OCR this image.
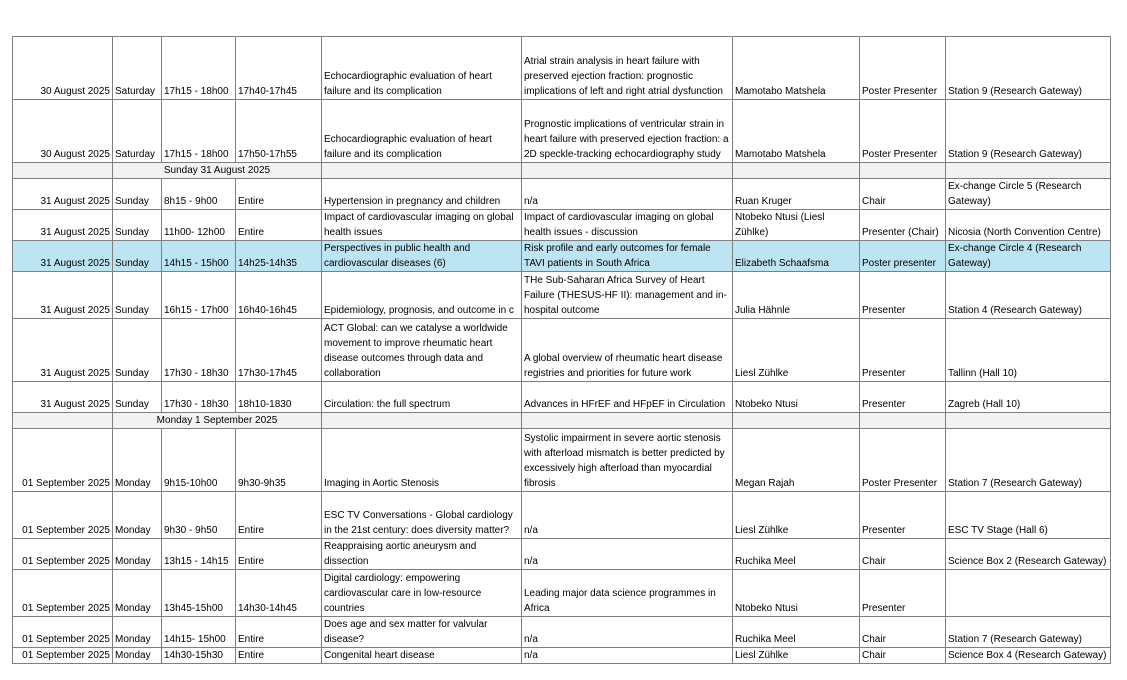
30 August 2025	Saturday	17h15 - 18h00	17h40-17h45	Echocardiographic evaluation of heart failure and its complication	Atrial strain analysis in heart failure with preserved ejection fraction: prognostic implications of left and right atrial dysfunction	Mamotabo Matshela	Poster Presenter	Station 9 (Research Gateway)
30 August 2025	Saturday	17h15 - 18h00	17h50-17h55	Echocardiographic evaluation of heart failure and its complication	Prognostic implications of ventricular strain in heart failure with preserved ejection fraction: a 2D speckle-tracking echocardiography study	Mamotabo Matshela	Poster Presenter	Station 9 (Research Gateway)
	Sunday 31 August 2025							
31 August 2025	Sunday	8h15 - 9h00	Entire	Hypertension in pregnancy and children	n/a	Ruan Kruger	Chair	Ex-change Circle 5 (Research Gateway)
31 August 2025	Sunday	11h00- 12h00	Entire	Impact of cardiovascular imaging on global health issues	Impact of cardiovascular imaging on global health issues - discussion	Ntobeko Ntusi (Liesl Zühlke)	Presenter (Chair)	Nicosia (North Convention Centre)
31 August 2025	Sunday	14h15 - 15h00	14h25-14h35	Perspectives in public health and cardiovascular diseases (6)	Risk profile and early outcomes for female TAVI patients in South Africa	Elizabeth Schaafsma	Poster presenter	Ex-change Circle 4 (Research Gateway)
31 August 2025	Sunday	16h15 - 17h00	16h40-16h45	Epidemiology, prognosis, and outcome in c	THe Sub-Saharan Africa Survey of Heart Failure (THESUS-HF II): management and in-hospital outcome	Julia Hähnle	Presenter	Station 4 (Research Gateway)
31 August 2025	Sunday	17h30 - 18h30	17h30-17h45	ACT Global: can we catalyse a worldwide movement to improve rheumatic heart disease outcomes through data and collaboration	A global overview of rheumatic heart disease registries and priorities for future work	Liesl Zühlke	Presenter	Tallinn (Hall 10)
31 August 2025	Sunday	17h30 - 18h30	18h10-1830	Circulation: the full spectrum	Advances in HFrEF and HFpEF in Circulation	Ntobeko Ntusi	Presenter	Zagreb (Hall 10)
	Monday 1 September 2025							
01 September 2025	Monday	9h15-10h00	9h30-9h35	Imaging in Aortic Stenosis	Systolic impairment in severe aortic stenosis with afterload mismatch is better predicted by excessively high afterload than myocardial fibrosis	Megan Rajah	Poster Presenter	Station 7 (Research Gateway)
01 September 2025	Monday	9h30 - 9h50	Entire	ESC TV Conversations - Global cardiology in the 21st century: does diversity matter?	n/a	Liesl Zühlke	Presenter	ESC TV Stage (Hall 6)
01 September 2025	Monday	13h15 - 14h15	Entire	Reappraising aortic aneurysm and dissection	n/a	Ruchika Meel	Chair	Science Box 2 (Research Gateway)
01 September 2025	Monday	13h45-15h00	14h30-14h45	Digital cardiology: empowering cardiovascular care in low-resource countries	Leading major data science programmes in Africa	Ntobeko Ntusi	Presenter	
01 September 2025	Monday	14h15- 15h00	Entire	Does age and sex matter for valvular disease?	n/a	Ruchika Meel	Chair	Station 7 (Research Gateway)
01 September 2025	Monday	14h30-15h30	Entire	Congenital heart disease	n/a	Liesl Zühlke	Chair	Science Box 4 (Research Gateway)
